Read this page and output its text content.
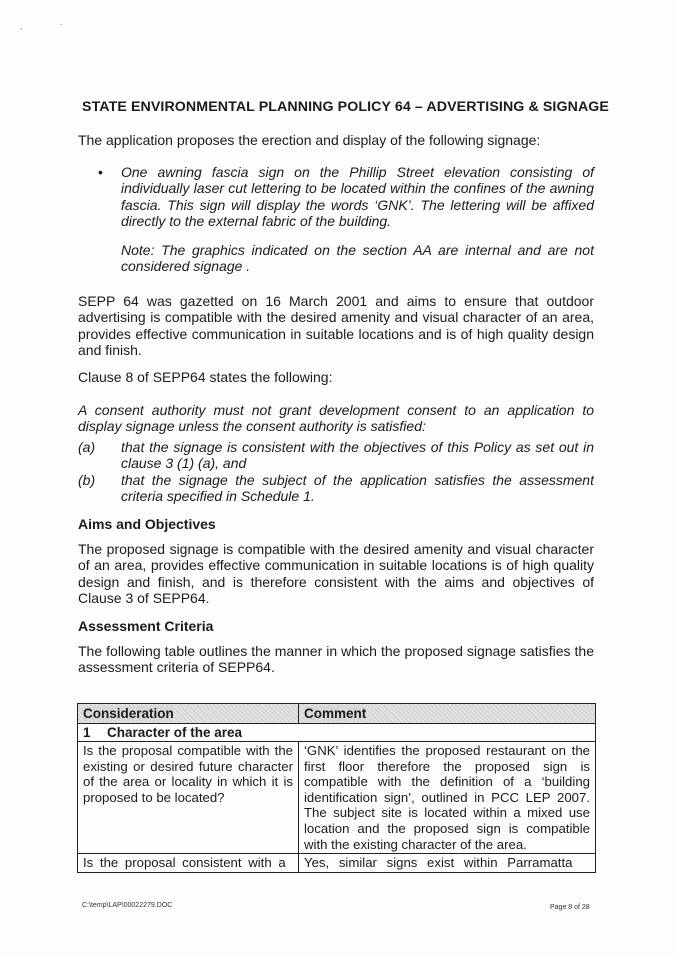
,	.
STATE ENVIRONMENTAL PLANNING POLICY 64 – ADVERTISING & SIGNAGE
The application proposes the erection and display of the following signage:
• One awning fascia sign on the Phillip Street elevation consisting of individually laser cut lettering to be located within the confines of the awning fascia. This sign will display the words ‘GNK’. The lettering will be affixed directly to the external fabric of the building.
Note: The graphics indicated on the section AA are internal and are not considered signage .
SEPP 64 was gazetted on 16 March 2001 and aims to ensure that outdoor advertising is compatible with the desired amenity and visual character of an area, provides effective communication in suitable locations and is of high quality design and finish.
Clause 8 of SEPP64 states the following:
A consent authority must not grant development consent to an application to display signage unless the consent authority is satisfied:
(a) that the signage is consistent with the objectives of this Policy as set out in clause 3 (1) (a), and
(b) that the signage the subject of the application satisfies the assessment criteria specified in Schedule 1.
Aims and Objectives
The proposed signage is compatible with the desired amenity and visual character of an area, provides effective communication in suitable locations is of high quality design and finish, and is therefore consistent with the aims and objectives of Clause 3 of SEPP64.
Assessment Criteria
The following table outlines the manner in which the proposed signage satisfies the assessment criteria of SEPP64.
Consideration	Comment
1 Character of the area	
Is the proposal compatible with the existing or desired future character of the area or locality in which it is proposed to be located?	‘GNK’ identifies the proposed restaurant on the first floor therefore the proposed sign is compatible with the definition of a ‘building identification sign’, outlined in PCC LEP 2007. The subject site is located within a mixed use location and the proposed sign is compatible with the existing character of the area.
Is the proposal consistent with a	Yes, similar signs exist within Parramatta
C:\temp\LAP\00022279.DOC	Page 8 of 28
